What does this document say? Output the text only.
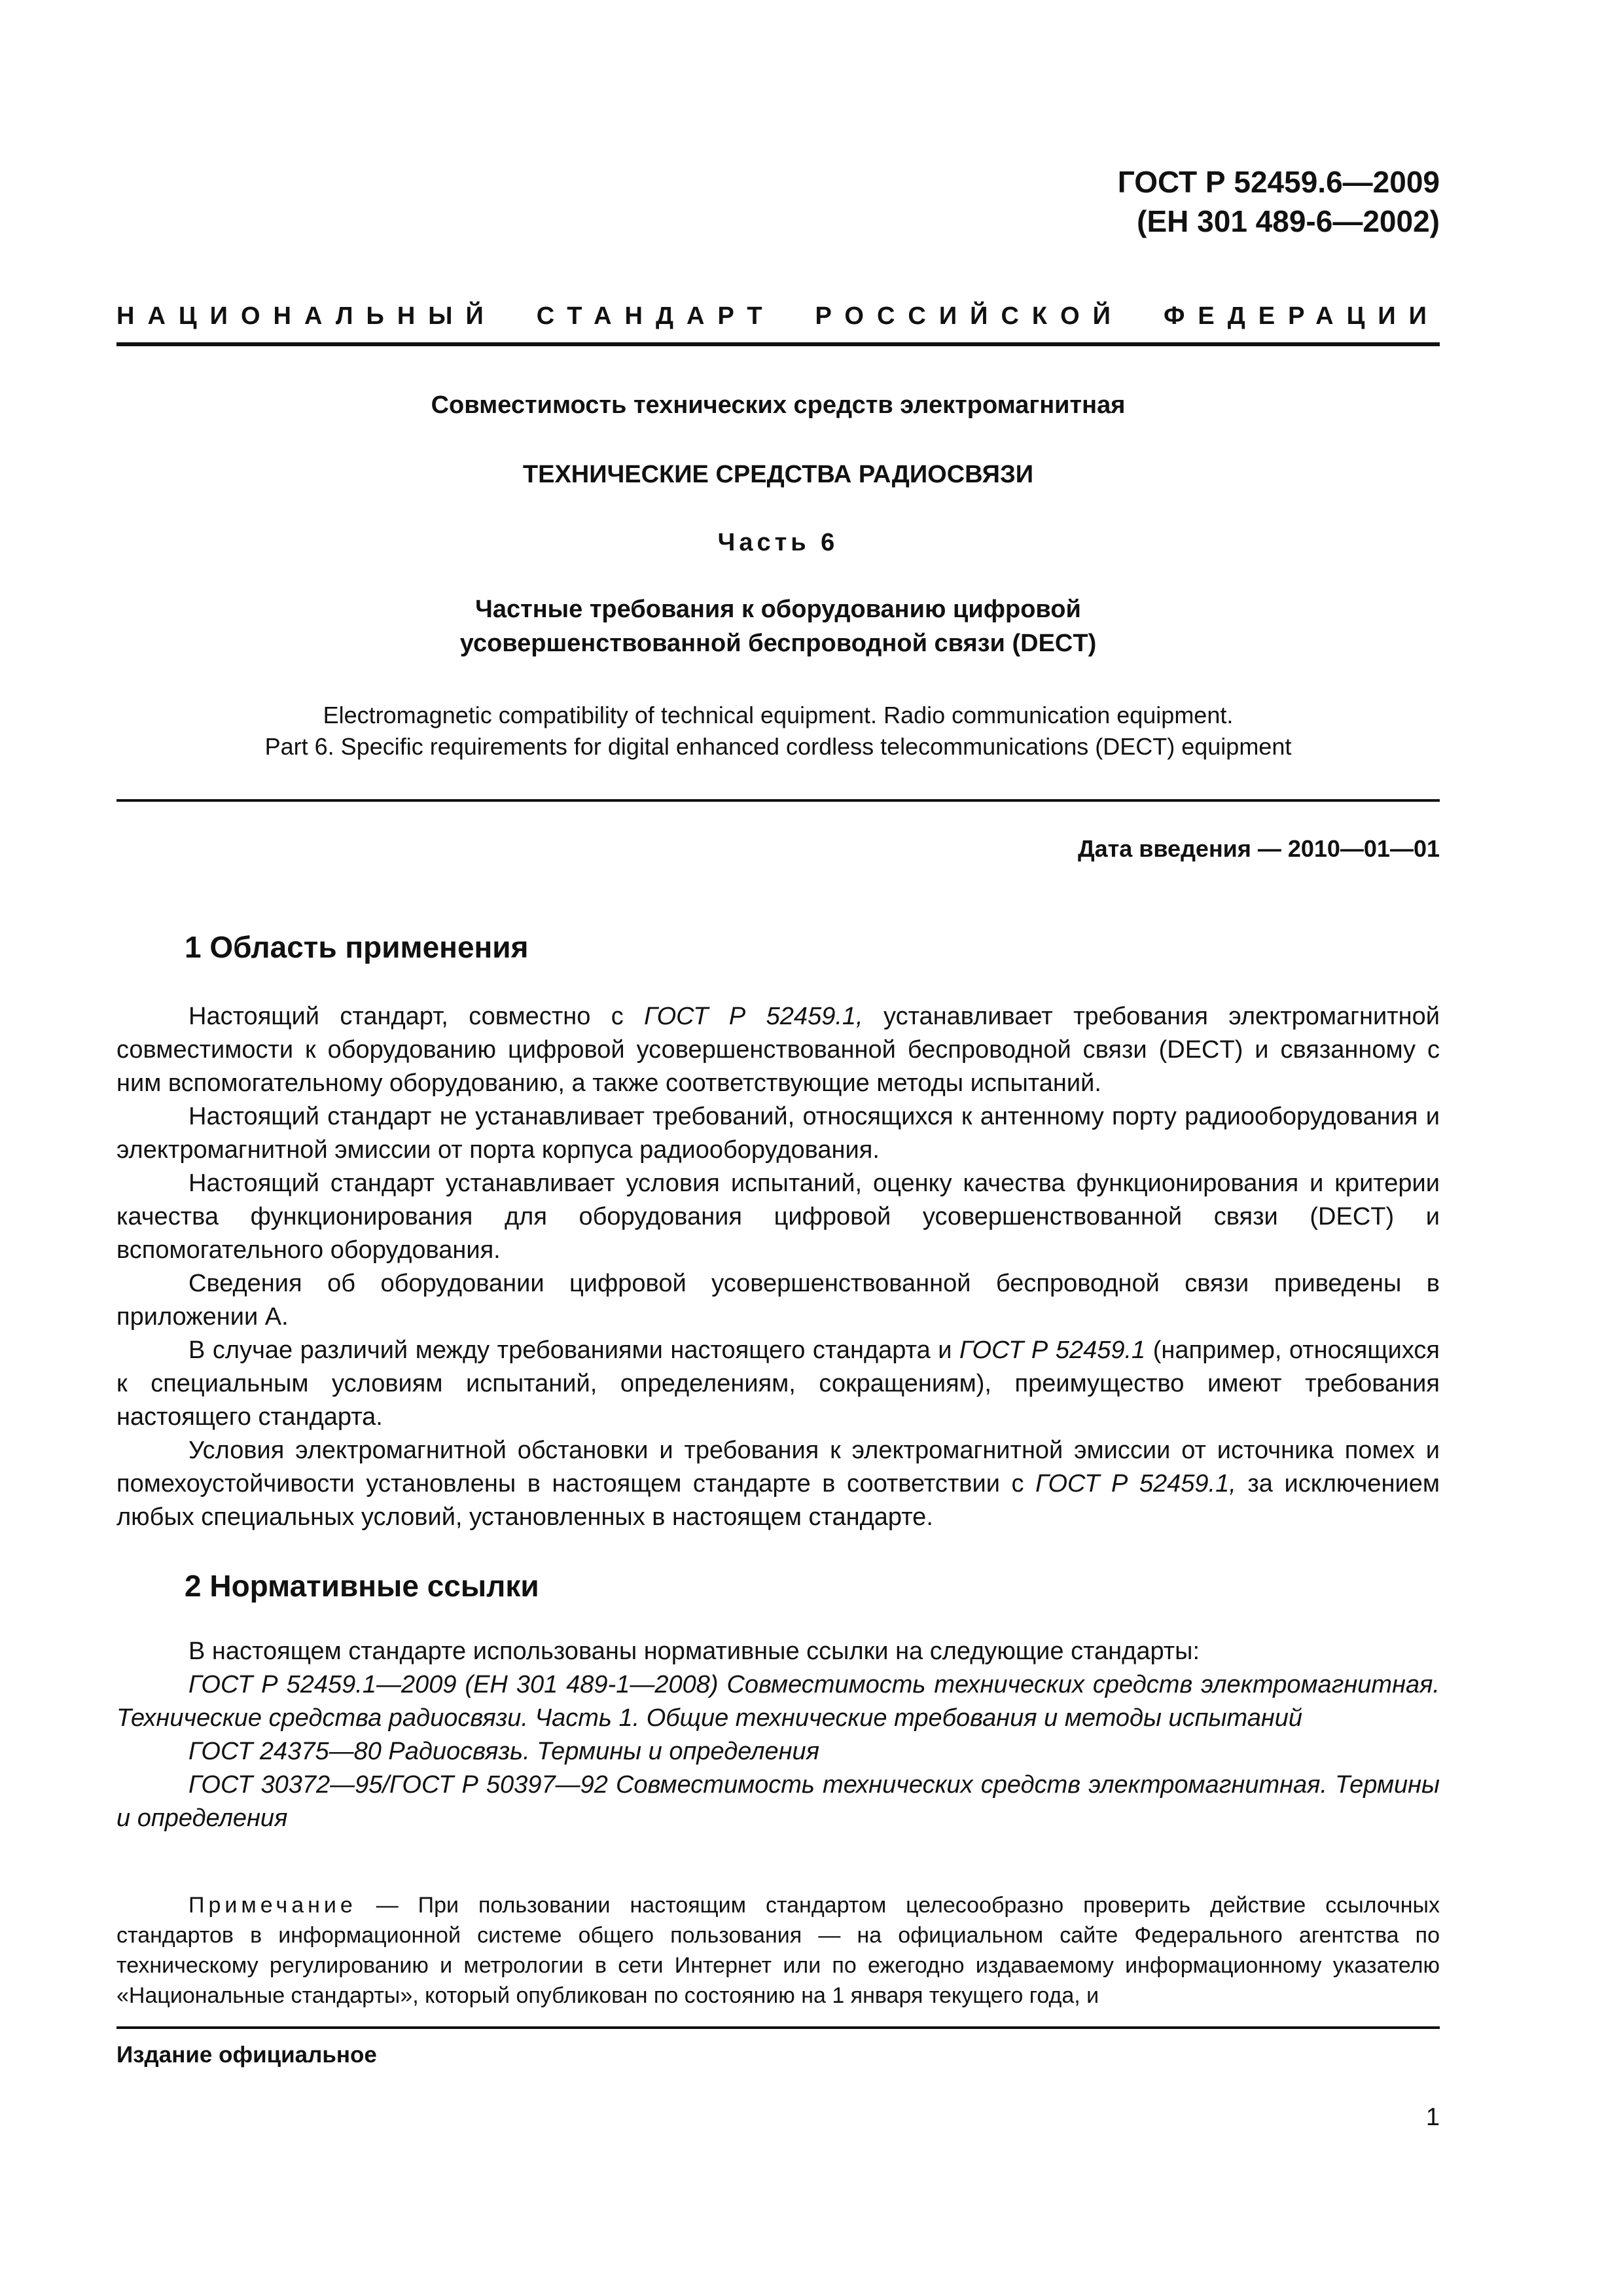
ГОСТ Р 52459.6—2009
(ЕН 301 489-6—2002)
НАЦИОНАЛЬНЫЙ СТАНДАРТ РОССИЙСКОЙ ФЕДЕРАЦИИ
Совместимость технических средств электромагнитная
ТЕХНИЧЕСКИЕ СРЕДСТВА РАДИОСВЯЗИ
Часть 6
Частные требования к оборудованию цифровой
усовершенствованной беспроводной связи (DECT)
Electromagnetic compatibility of technical equipment. Radio communication equipment.
Part 6. Specific requirements for digital enhanced cordless telecommunications (DECT) equipment
Дата введения — 2010—01—01
1 Область применения
Настоящий стандарт, совместно с ГОСТ Р 52459.1, устанавливает требования электромагнитной совместимости к оборудованию цифровой усовершенствованной беспроводной связи (DECT) и связанному с ним вспомогательному оборудованию, а также соответствующие методы испытаний.
Настоящий стандарт не устанавливает требований, относящихся к антенному порту радиооборудования и электромагнитной эмиссии от порта корпуса радиооборудования.
Настоящий стандарт устанавливает условия испытаний, оценку качества функционирования и критерии качества функционирования для оборудования цифровой усовершенствованной связи (DECT) и вспомогательного оборудования.
Сведения об оборудовании цифровой усовершенствованной беспроводной связи приведены в приложении А.
В случае различий между требованиями настоящего стандарта и ГОСТ Р 52459.1 (например, относящихся к специальным условиям испытаний, определениям, сокращениям), преимущество имеют требования настоящего стандарта.
Условия электромагнитной обстановки и требования к электромагнитной эмиссии от источника помех и помехоустойчивости установлены в настоящем стандарте в соответствии с ГОСТ Р 52459.1, за исключением любых специальных условий, установленных в настоящем стандарте.
2 Нормативные ссылки
В настоящем стандарте использованы нормативные ссылки на следующие стандарты:
ГОСТ Р 52459.1—2009 (ЕН 301 489-1—2008) Совместимость технических средств электромагнитная. Технические средства радиосвязи. Часть 1. Общие технические требования и методы испытаний
ГОСТ 24375—80 Радиосвязь. Термины и определения
ГОСТ 30372—95/ГОСТ Р 50397—92 Совместимость технических средств электромагнитная. Термины и определения
Примечание — При пользовании настоящим стандартом целесообразно проверить действие ссылочных стандартов в информационной системе общего пользования — на официальном сайте Федерального агентства по техническому регулированию и метрологии в сети Интернет или по ежегодно издаваемому информационному указателю «Национальные стандарты», который опубликован по состоянию на 1 января текущего года, и
Издание официальное
1
